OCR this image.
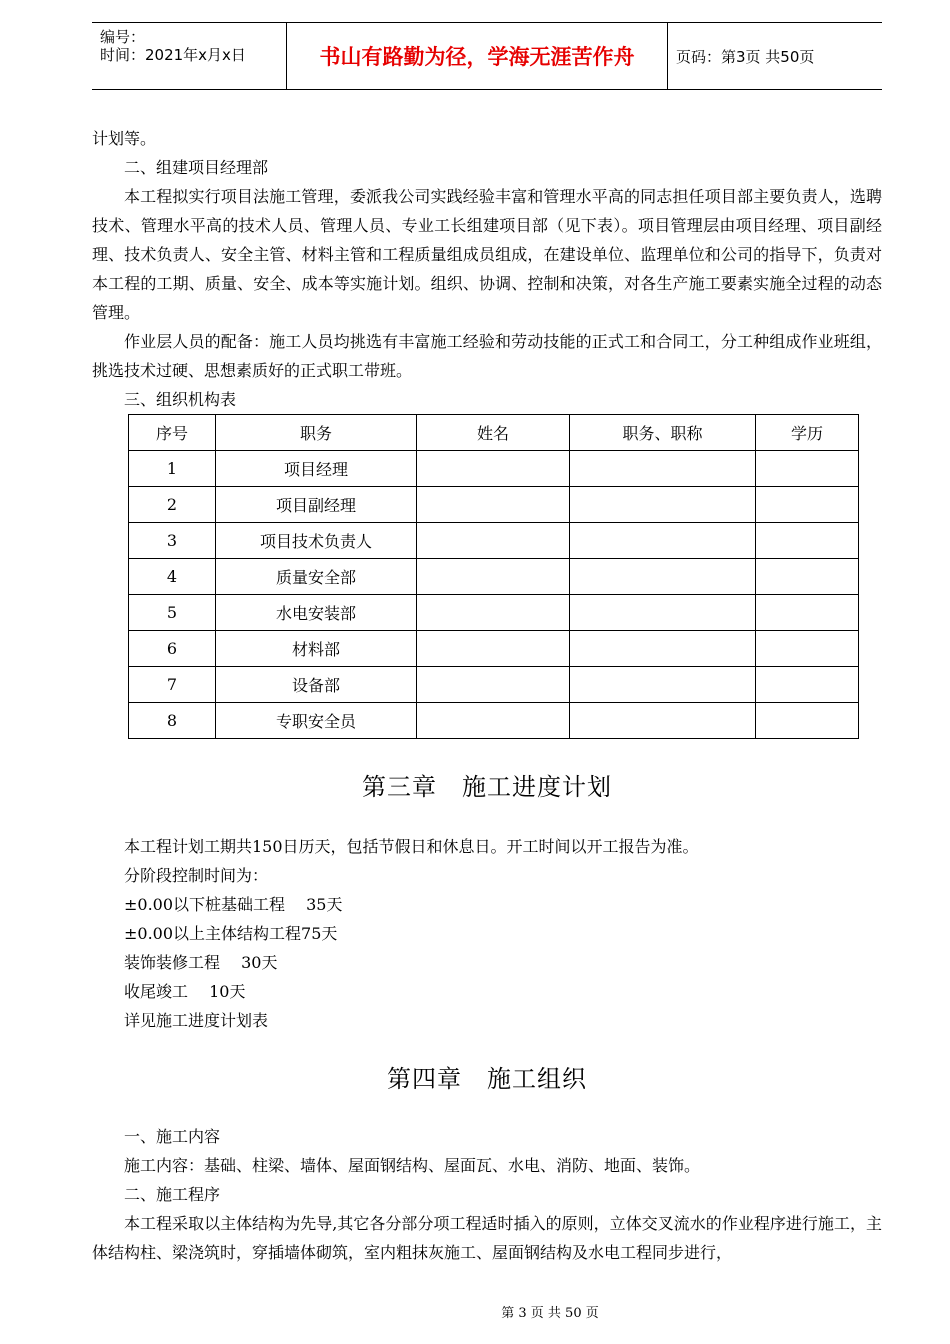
编号：
时间：2021年x月x日	书山有路勤为径，学海无涯苦作舟	页码：第3页 共50页

计划等。

二、组建项目经理部

本工程拟实行项目法施工管理，委派我公司实践经验丰富和管理水平高的同志担任项目部主要负责人，选聘技术、管理水平高的技术人员、管理人员、专业工长组建项目部（见下表）。项目管理层由项目经理、项目副经理、技术负责人、安全主管、材料主管和工程质量组成员组成，在建设单位、监理单位和公司的指导下，负责对本工程的工期、质量、安全、成本等实施计划。组织、协调、控制和决策，对各生产施工要素实施全过程的动态管理。

作业层人员的配备：施工人员均挑选有丰富施工经验和劳动技能的正式工和合同工，分工种组成作业班组，挑选技术过硬、思想素质好的正式职工带班。

三、组织机构表

序号	职务	姓名	职务、职称	学历
1	项目经理			
2	项目副经理			
3	项目技术负责人			
4	质量安全部			
5	水电安装部			
6	材料部			
7	设备部			
8	专职安全员			
第三章　施工进度计划

本工程计划工期共150日历天，包括节假日和休息日。开工时间以开工报告为准。

分阶段控制时间为：

±0.00以下桩基础工程　 35天

±0.00以上主体结构工程75天

装饰装修工程　 30天

收尾竣工　 10天

详见施工进度计划表

第四章　施工组织

一、施工内容

施工内容：基础、柱梁、墙体、屋面钢结构、屋面瓦、水电、消防、地面、装饰。

二、施工程序

本工程采取以主体结构为先导,其它各分部分项工程适时插入的原则，立体交叉流水的作业程序进行施工，主体结构柱、梁浇筑时，穿插墙体砌筑，室内粗抹灰施工、屋面钢结构及水电工程同步进行，

第 3 页 共 50 页
